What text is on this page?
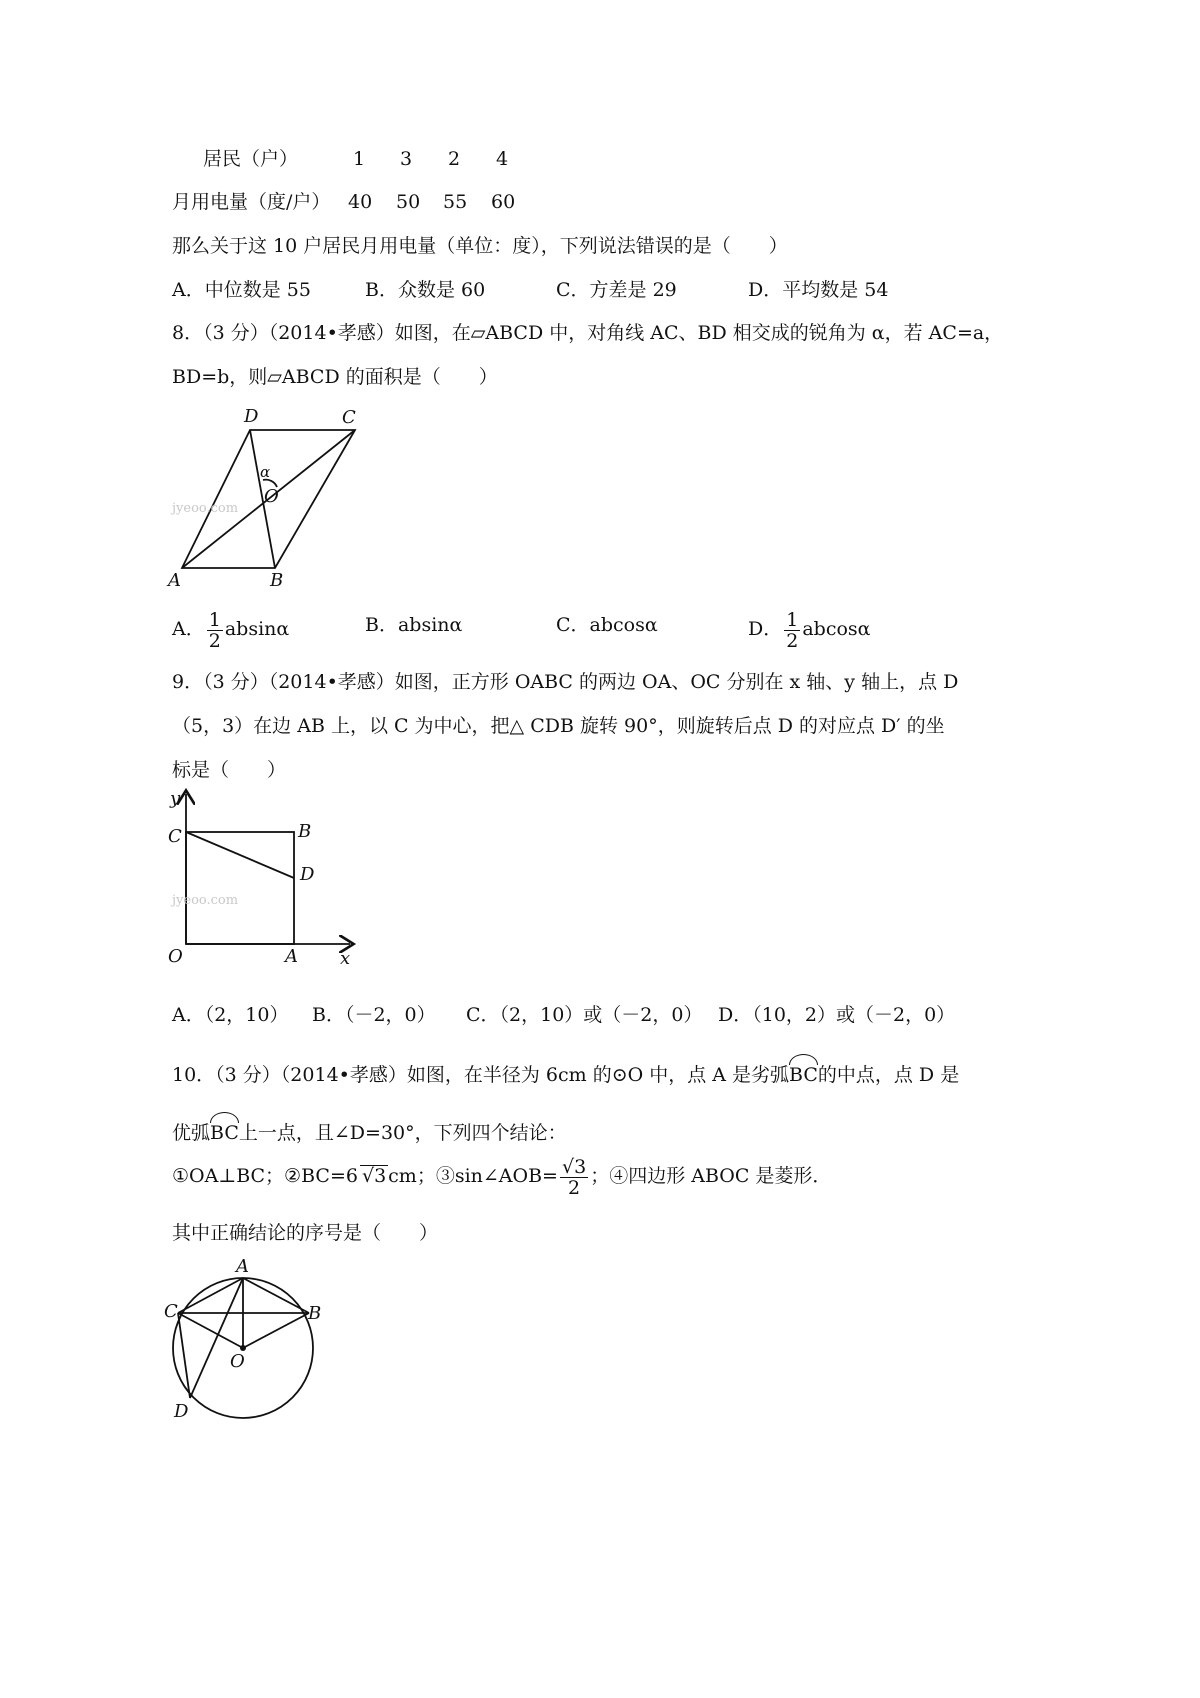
居民（户）	1 3 2 4
月用电量（度/户） 40 50 55 60
那么关于这 10 户居民月用电量（单位：度），下列说法错误的是（　　）
A．中位数是 55	B．众数是 60	C．方差是 29	D．平均数是 54
8．（3 分）（2014•孝感）如图，在▱ABCD 中，对角线 AC、BD 相交成的锐角为 α，若 AC=a，
BD=b，则▱ABCD 的面积是（　　）
A	B
C
D
O
α
jyeoo.com
A． $\frac{1}{2}$ absinα	B．absinα	C．abcosα	D． $\frac{1}{2}$ abcosα
9．（3 分）（2014•孝感）如图，正方形 OABC 的两边 OA、OC 分别在 x 轴、y 轴上，点 D
（5，3）在边 AB 上，以 C 为中心，把△ CDB 旋转 90°，则旋转后点 D 的对应点 D′ 的坐
标是（　　）
y
x
C	B
D
O	A
jyeoo.com
A．（2，10） B．（－2，0） C．（2，10）或（－2，0） D．（10，2）或（－2，0）
10．（3 分）（2014•孝感）如图，在半径为 6cm 的⊙O 中，点 A 是劣弧BC的中点，点 D 是
优弧BC上一点，且∠D=30°，下列四个结论：
①OA⊥BC；②BC=6 √3 cm；③sin∠AOB= $\frac{√3}{2}$ ；④四边形 ABOC 是菱形．
其中正确结论的序号是（　　）
A
B
C
O
D
